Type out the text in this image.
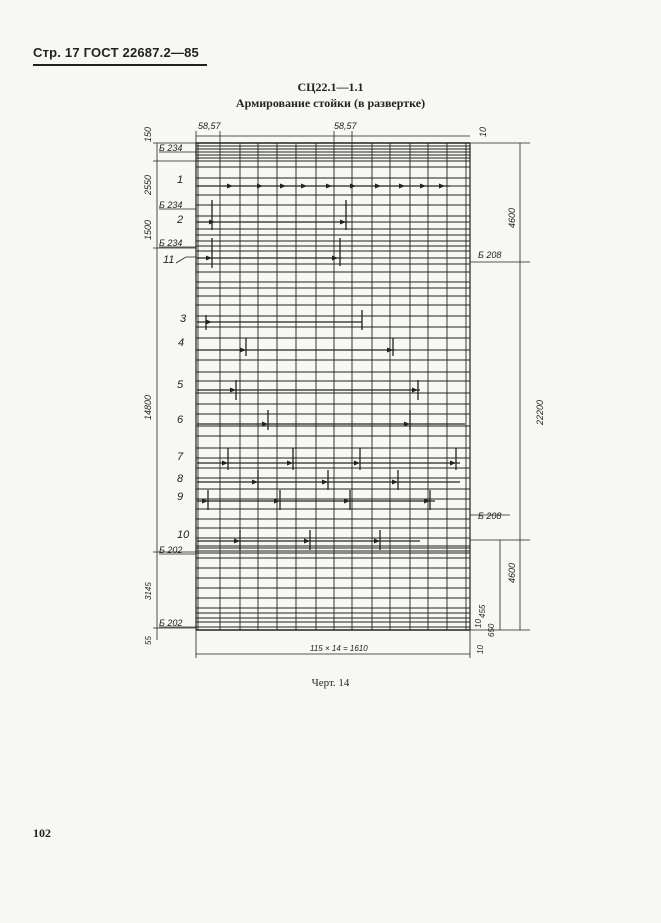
Стр. 17 ГОСТ 22687.2—85
СЦ22.1—1.1
Армирование стойки (в развертке)
150
2550
1500
14800
3145
55
58,57	58,57
10
4600
22200
4600
10
455
650
115 × 14 = 1610	10
Б 234
Б 234
Б 234
Б 202
Б 202
Б 208
Б 208
1
2
11
3
4
5
6
7
8
9
10
Черт. 14
102
